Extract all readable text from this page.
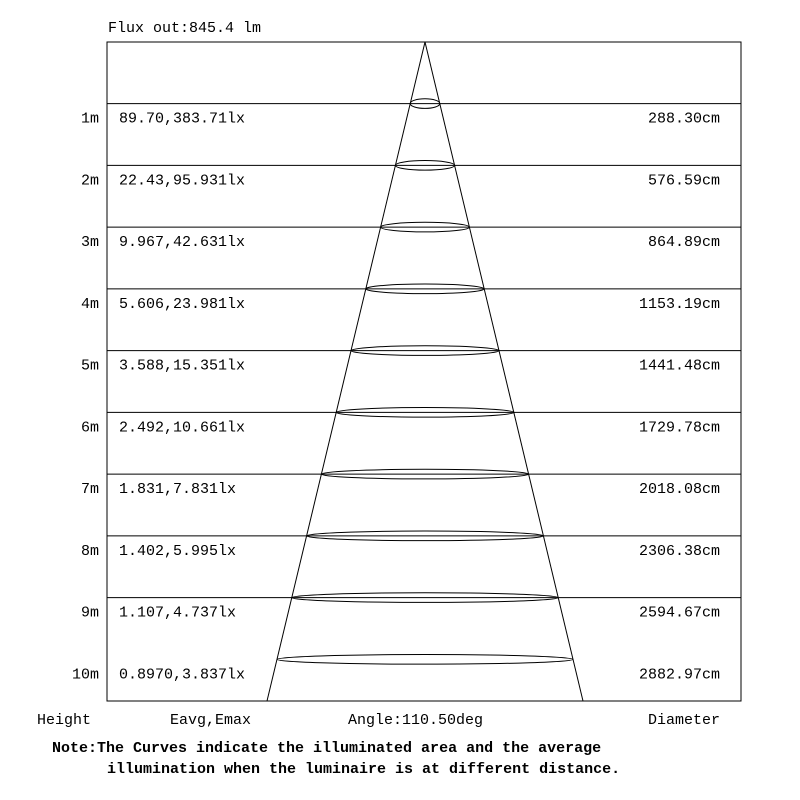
Flux out:845.4 lm
1m 89.70,383.71lx	288.30cm
2m 22.43,95.931lx	576.59cm
3m 9.967,42.631lx	864.89cm
4m 5.606,23.981lx	1153.19cm
5m 3.588,15.351lx	1441.48cm
6m 2.492,10.661lx	1729.78cm
7m 1.831,7.831lx	2018.08cm
8m 1.402,5.995lx	2306.38cm
9m 1.107,4.737lx	2594.67cm
10m 0.8970,3.837lx	2882.97cm
Height	Eavg,Emax	Angle:110.50deg	Diameter
Note:The Curves indicate the illuminated area and the average
illumination when the luminaire is at different distance.
